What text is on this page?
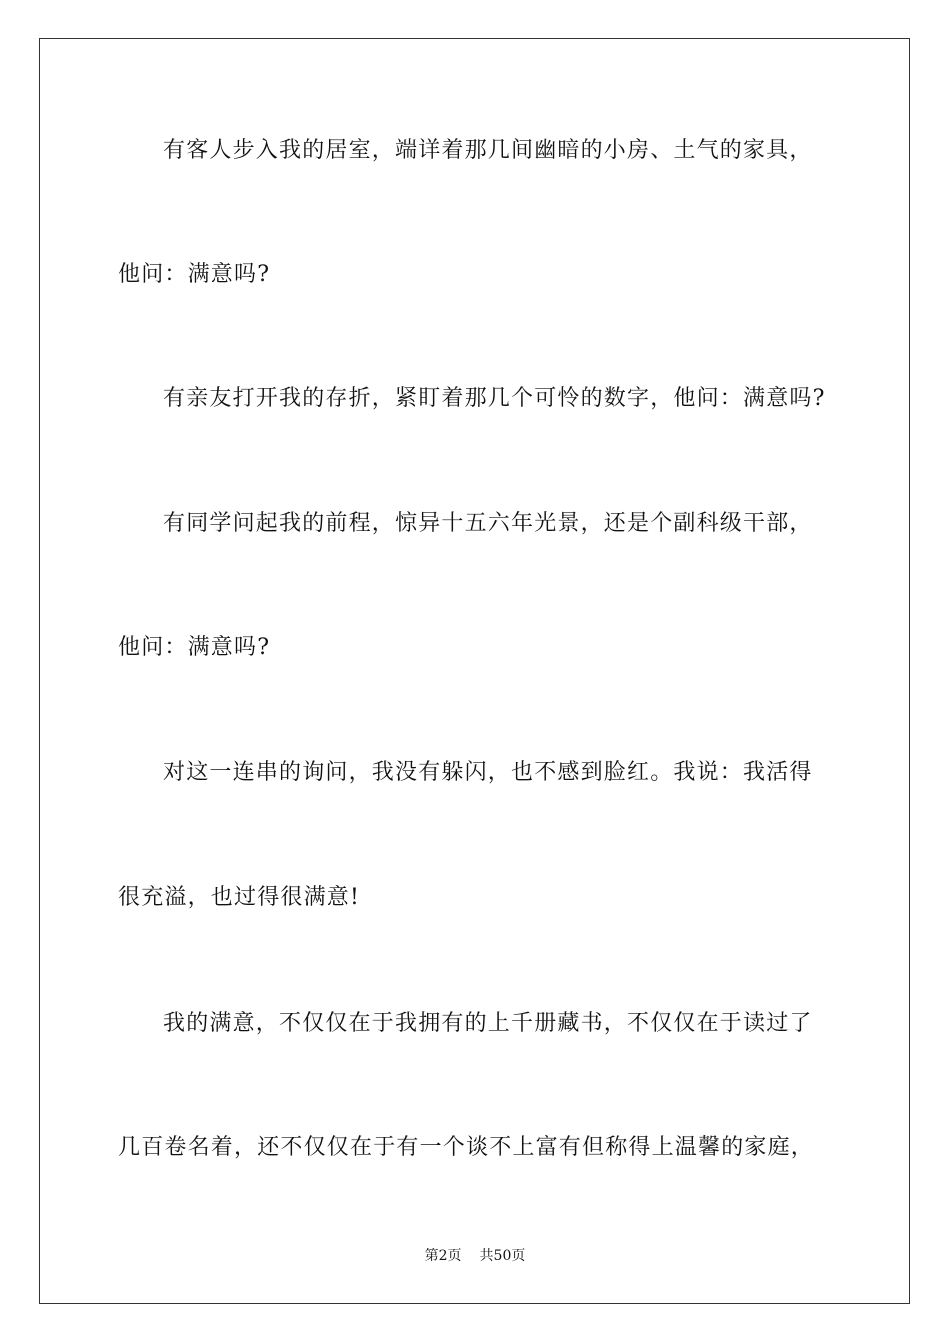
有客人步入我的居室，端详着那几间幽暗的小房、土气的家具，
他问：满意吗?
有亲友打开我的存折，紧盯着那几个可怜的数字，他问：满意吗?
有同学问起我的前程，惊异十五六年光景，还是个副科级干部，
他问：满意吗?
对这一连串的询问，我没有躲闪，也不感到脸红。我说：我活得
很充溢，也过得很满意!
我的满意，不仅仅在于我拥有的上千册藏书，不仅仅在于读过了
几百卷名着，还不仅仅在于有一个谈不上富有但称得上温馨的家庭，
第2页 共50页
